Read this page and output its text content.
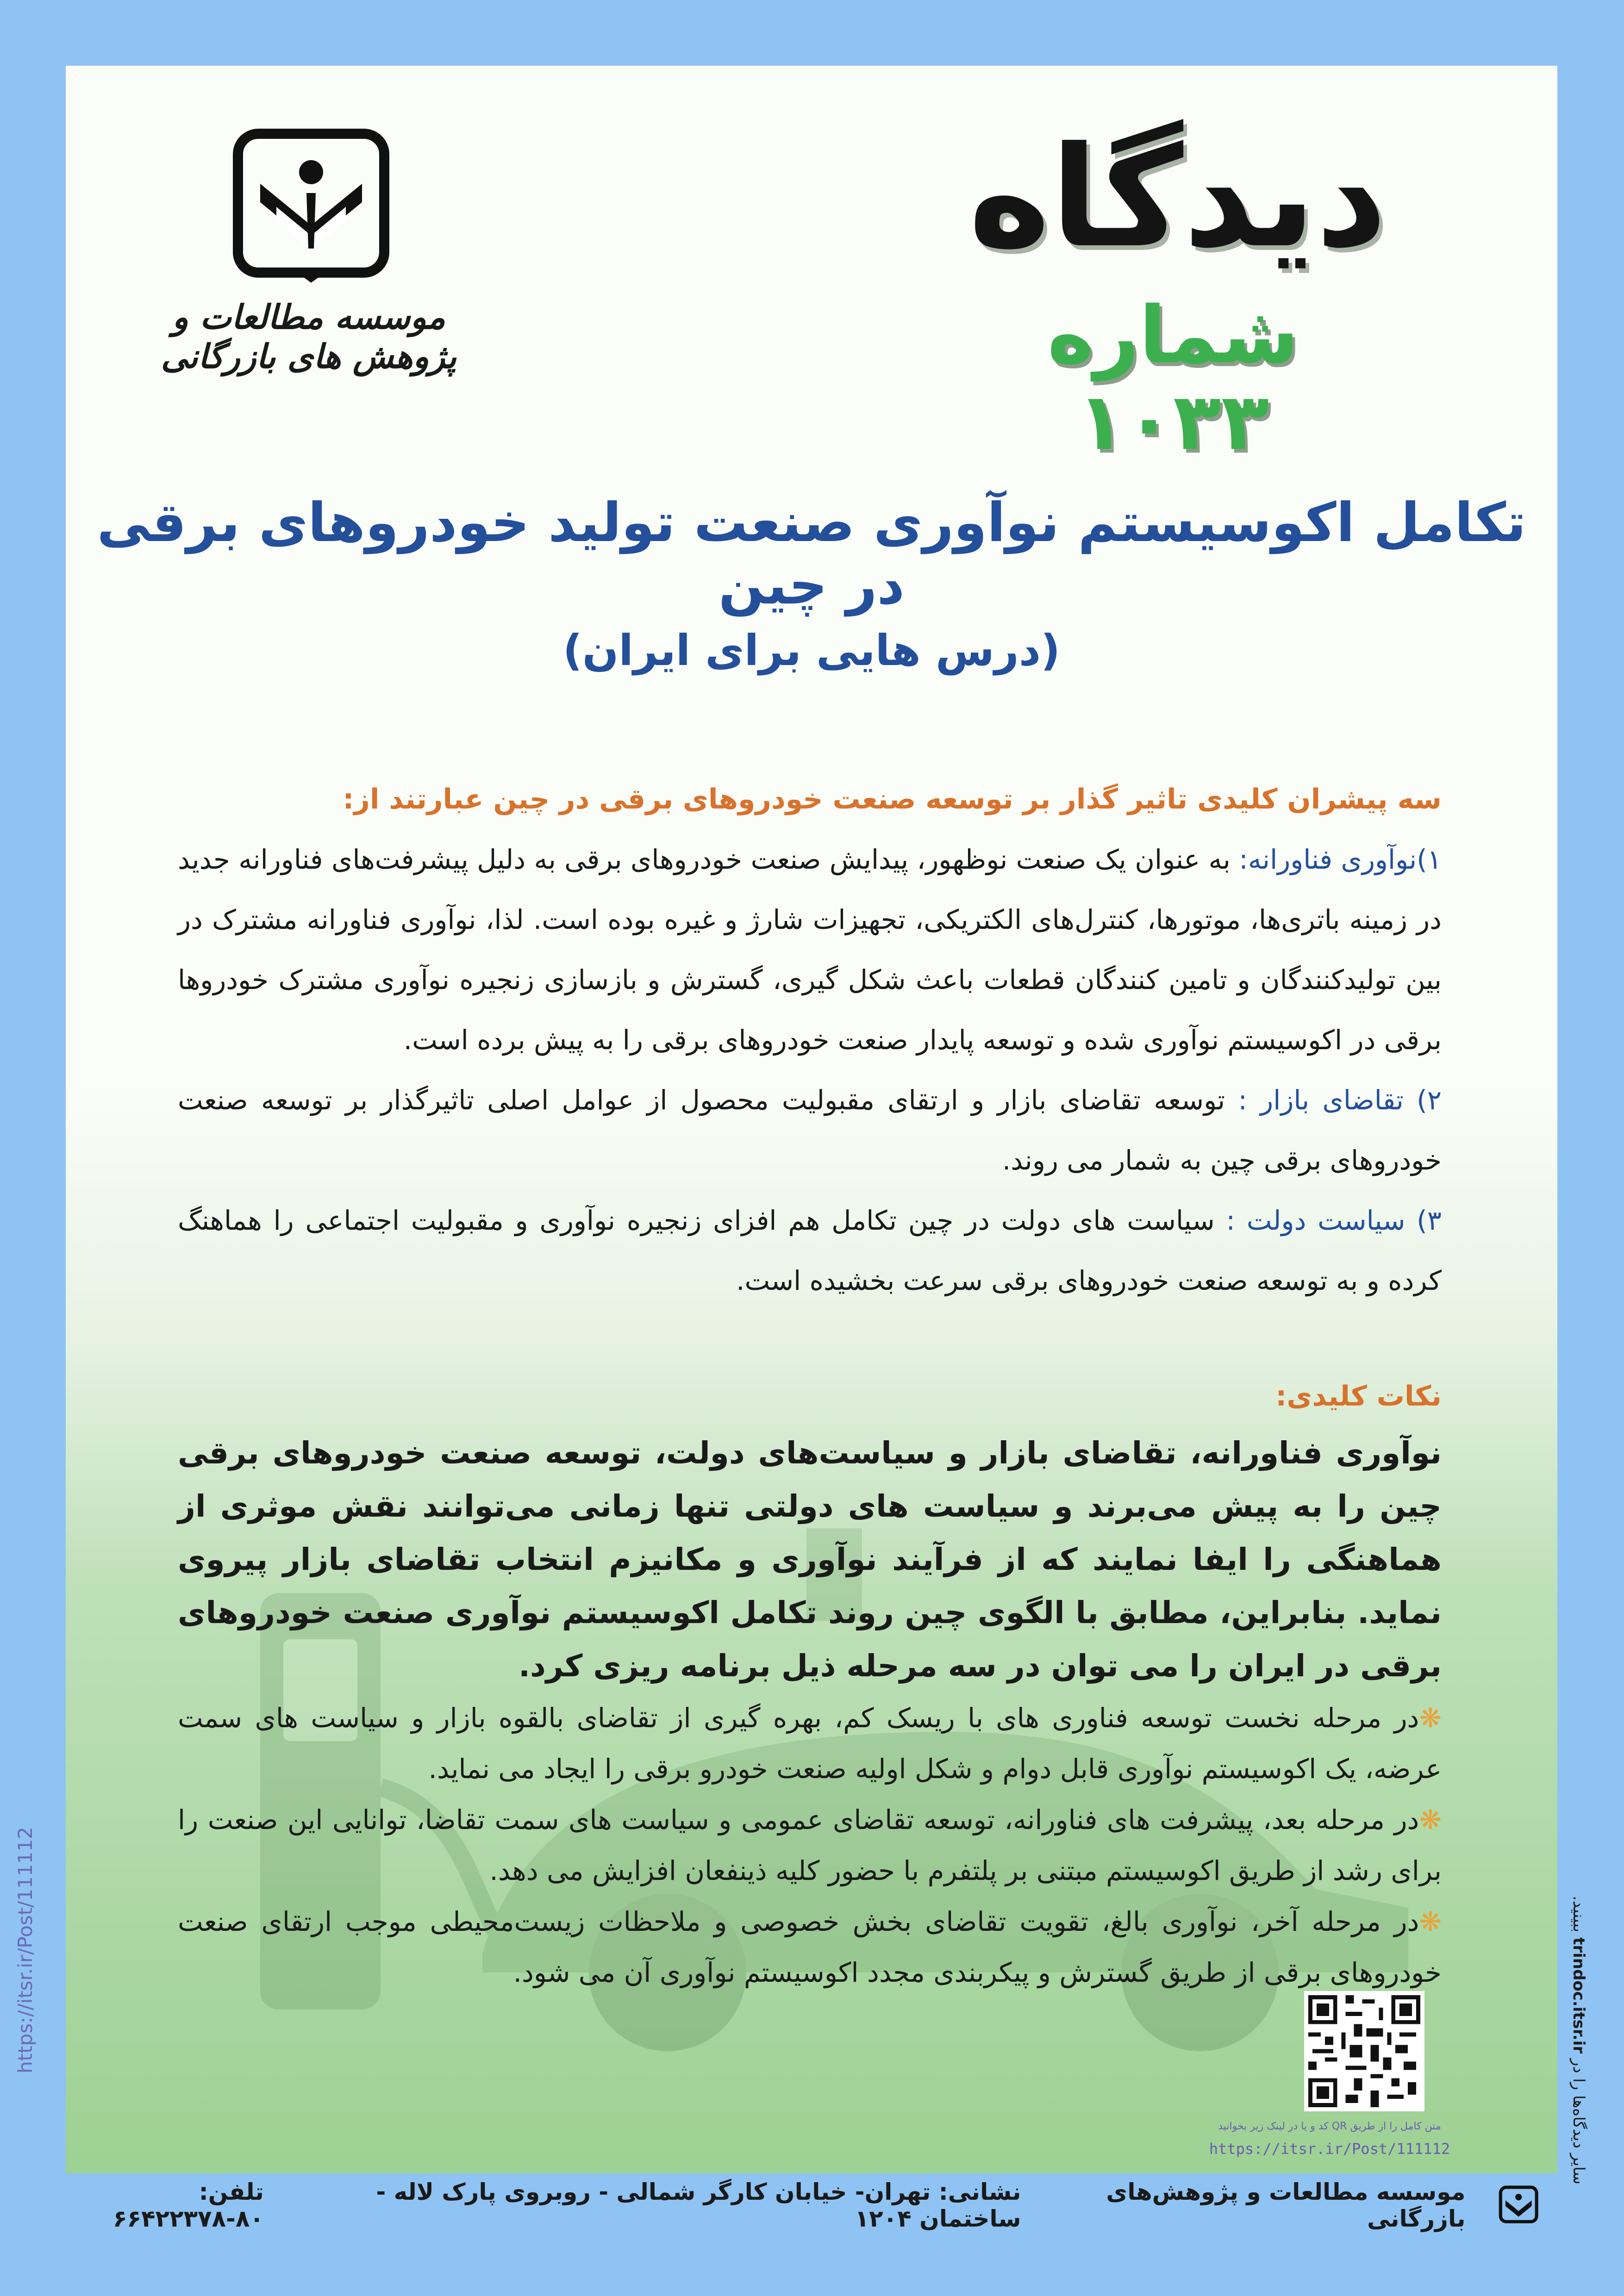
موسسه مطالعات و پژوهش های بازرگانی
دیدگاه
شماره ۱۰۳۳
تکامل اکوسیستم نوآوری صنعت تولید خودروهای برقی در چین
(درس هایی برای ایران)

سه پیشران کلیدی تاثیر گذار بر توسعه صنعت خودروهای برقی در چین عبارتند از:

۱)نوآوری فناورانه: به عنوان یک صنعت نوظهور، پیدایش صنعت خودروهای برقی به دلیل پیشرفت‌های فناورانه جدید در زمینه باتری‌ها، موتورها، کنترل‌های الکتریکی، تجهیزات شارژ و غیره بوده است. لذا، نوآوری فناورانه مشترک در بین تولیدکنندگان و تامین کنندگان قطعات باعث شکل گیری، گسترش و بازسازی زنجیره نوآوری مشترک خودروها برقی در اکوسیستم نوآوری شده و توسعه پایدار صنعت خودروهای برقی را به پیش برده است.

۲) تقاضای بازار : توسعه تقاضای بازار و ارتقای مقبولیت محصول از عوامل اصلی تاثیرگذار بر توسعه صنعت خودروهای برقی چین به شمار می روند.

۳) سیاست دولت : سیاست های دولت در چین تکامل هم افزای زنجیره نوآوری و مقبولیت اجتماعی را هماهنگ کرده و به توسعه صنعت خودروهای برقی سرعت بخشیده است.

نکات کلیدی:

نوآوری فناورانه، تقاضای بازار و سیاست‌های دولت، توسعه صنعت خودروهای برقی چین را به پیش می‌برند و سیاست های دولتی تنها زمانی می‌توانند نقش موثری از هماهنگی را ایفا نمایند که از فرآیند نوآوری و مکانیزم انتخاب تقاضای بازار پیروی نماید. بنابراین، مطابق با الگوی چین روند تکامل اکوسیستم نوآوری صنعت خودروهای برقی در ایران را می توان در سه مرحله ذیل برنامه ریزی کرد.

❋در مرحله نخست توسعه فناوری های با ریسک کم، بهره گیری از تقاضای بالقوه بازار و سیاست های سمت عرضه، یک اکوسیستم نوآوری قابل دوام و شکل اولیه صنعت خودرو برقی را ایجاد می نماید.

❋در مرحله بعد، پیشرفت های فناورانه، توسعه تقاضای عمومی و سیاست های سمت تقاضا، توانایی این صنعت را برای رشد از طریق اکوسیستم مبتنی بر پلتفرم با حضور کلیه ذینفعان افزایش می دهد.

❋در مرحله آخر، نوآوری بالغ، تقویت تقاضای بخش خصوصی و ملاحظات زیست‌محیطی موجب ارتقای صنعت خودروهای برقی از طریق گسترش و پیکربندی مجدد اکوسیستم نوآوری آن می شود.

متن کامل را از طریق QR کد و یا در لینک زیر بخوانید
https://itsr.ir/Post/111112
https://itsr.ir/Post/111112
سایر دیدگاه‌ها را در trindoc.itsr.ir ببینید.
موسسه مطالعات و پژوهش‌های بازرگانی
نشانی: تهران- خیابان کارگر شمالی - روبروی پارک لاله - ساختمان ۱۲۰۴
تلفن: ۸۰-۶۶۴۲۲۳۷۸
